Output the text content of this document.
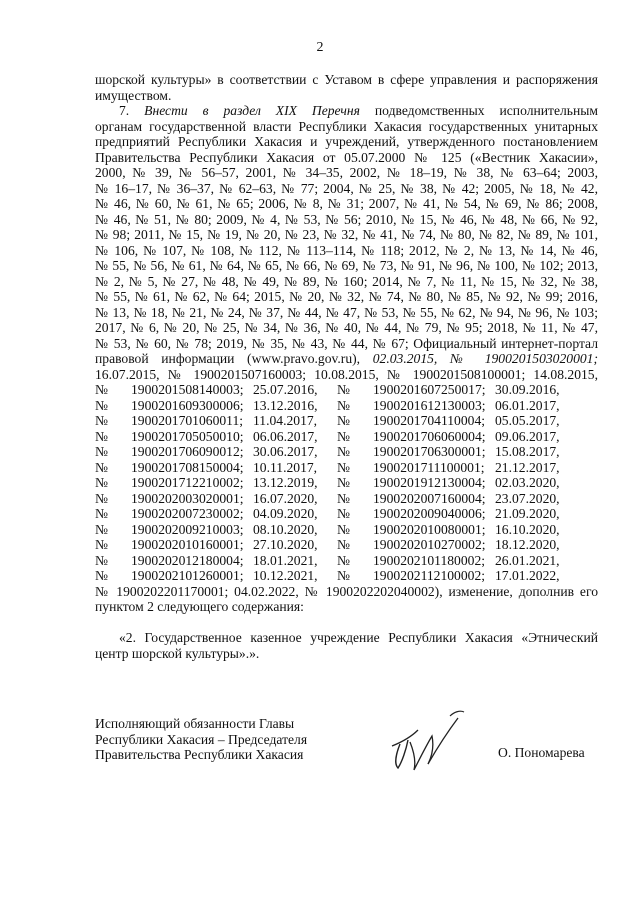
2
шорской культуры» в соответствии с Уставом в сфере управления и распоряжения
имуществом.
7. Внести в раздел XIX Перечня подведомственных исполнительным
органам государственной власти Республики Хакасия государственных унитарных
предприятий Республики Хакасия и учреждений, утвержденного постановлением
Правительства Республики Хакасия от 05.07.2000 № 125 («Вестник Хакасии»,
2000, № 39, № 56–57, 2001, № 34–35, 2002, № 18–19, № 38, № 63–64; 2003,
№ 16–17, № 36–37, № 62–63, № 77; 2004, № 25, № 38, № 42; 2005, № 18, № 42,
№ 46, № 60, № 61, № 65; 2006, № 8, № 31; 2007, № 41, № 54, № 69, № 86; 2008,
№ 46, № 51, № 80; 2009, № 4, № 53, № 56; 2010, № 15, № 46, № 48, № 66, № 92,
№ 98; 2011, № 15, № 19, № 20, № 23, № 32, № 41, № 74, № 80, № 82, № 89, № 101,
№ 106, № 107, № 108, № 112, № 113–114, № 118; 2012, № 2, № 13, № 14, № 46,
№ 55, № 56, № 61, № 64, № 65, № 66, № 69, № 73, № 91, № 96, № 100, № 102; 2013,
№ 2, № 5, № 27, № 48, № 49, № 89, № 160; 2014, № 7, № 11, № 15, № 32, № 38,
№ 55, № 61, № 62, № 64; 2015, № 20, № 32, № 74, № 80, № 85, № 92, № 99; 2016,
№ 13, № 18, № 21, № 24, № 37, № 44, № 47, № 53, № 55, № 62, № 94, № 96, № 103;
2017, № 6, № 20, № 25, № 34, № 36, № 40, № 44, № 79, № 95; 2018, № 11, № 47,
№ 53, № 60, № 78; 2019, № 35, № 43, № 44, № 67; Официальный интернет-портал
правовой информации (www.pravo.gov.ru), 02.03.2015, № 1900201503020001;
16.07.2015, № 1900201507160003; 10.08.2015, № 1900201508100001; 14.08.2015,
№	1900201508140003;	25.07.2016,	№	1900201607250017;	30.09.2016,
№	1900201609300006;	13.12.2016,	№	1900201612130003;	06.01.2017,
№	1900201701060011;	11.04.2017,	№	1900201704110004;	05.05.2017,
№	1900201705050010;	06.06.2017,	№	1900201706060004;	09.06.2017,
№	1900201706090012;	30.06.2017,	№	1900201706300001;	15.08.2017,
№	1900201708150004;	10.11.2017,	№	1900201711100001;	21.12.2017,
№	1900201712210002;	13.12.2019,	№	1900201912130004;	02.03.2020,
№	1900202003020001;	16.07.2020,	№	1900202007160004;	23.07.2020,
№	1900202007230002;	04.09.2020,	№	1900202009040006;	21.09.2020,
№	1900202009210003;	08.10.2020,	№	1900202010080001;	16.10.2020,
№	1900202010160001;	27.10.2020,	№	1900202010270002;	18.12.2020,
№	1900202012180004;	18.01.2021,	№	1900202101180002;	26.01.2021,
№	1900202101260001;	10.12.2021,	№	1900202112100002;	17.01.2022,
№ 1900202201170001; 04.02.2022, № 1900202202040002), изменение, дополнив его
пунктом 2 следующего содержания:
«2. Государственное казенное учреждение Республики Хакасия «Этнический
центр шорской культуры».».
Исполняющий обязанности Главы
Республики Хакасия – Председателя
Правительства Республики Хакасия	О. Пономарева
